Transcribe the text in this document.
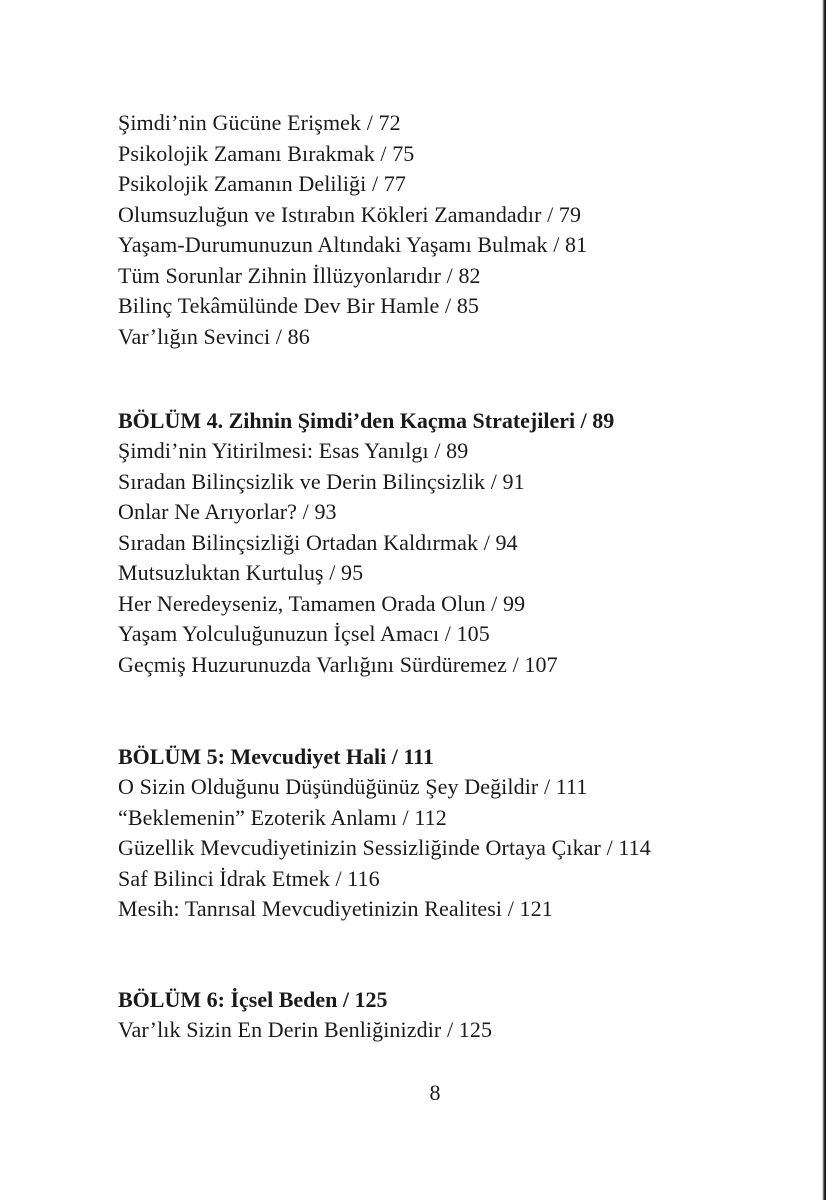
Şimdi’nin Gücüne Erişmek / 72
Psikolojik Zamanı Bırakmak / 75
Psikolojik Zamanın Deliliği / 77
Olumsuzluğun ve Istırabın Kökleri Zamandadır / 79
Yaşam-Durumunuzun Altındaki Yaşamı Bulmak / 81
Tüm Sorunlar Zihnin İllüzyonlarıdır / 82
Bilinç Tekâmülünde Dev Bir Hamle / 85
Var’lığın Sevinci / 86
BÖLÜM 4. Zihnin Şimdi’den Kaçma Stratejileri / 89
Şimdi’nin Yitirilmesi: Esas Yanılgı / 89
Sıradan Bilinçsizlik ve Derin Bilinçsizlik / 91
Onlar Ne Arıyorlar? / 93
Sıradan Bilinçsizliği Ortadan Kaldırmak / 94
Mutsuzluktan Kurtuluş / 95
Her Neredeyseniz, Tamamen Orada Olun / 99
Yaşam Yolculuğunuzun İçsel Amacı / 105
Geçmiş Huzurunuzda Varlığını Sürdüremez / 107
BÖLÜM 5: Mevcudiyet Hali / 111
O Sizin Olduğunu Düşündüğünüz Şey Değildir / 111
“Beklemenin” Ezoterik Anlamı / 112
Güzellik Mevcudiyetinizin Sessizliğinde Ortaya Çıkar / 114
Saf Bilinci İdrak Etmek / 116
Mesih: Tanrısal Mevcudiyetinizin Realitesi / 121
BÖLÜM 6: İçsel Beden / 125
Var’lık Sizin En Derin Benliğinizdir / 125
8
